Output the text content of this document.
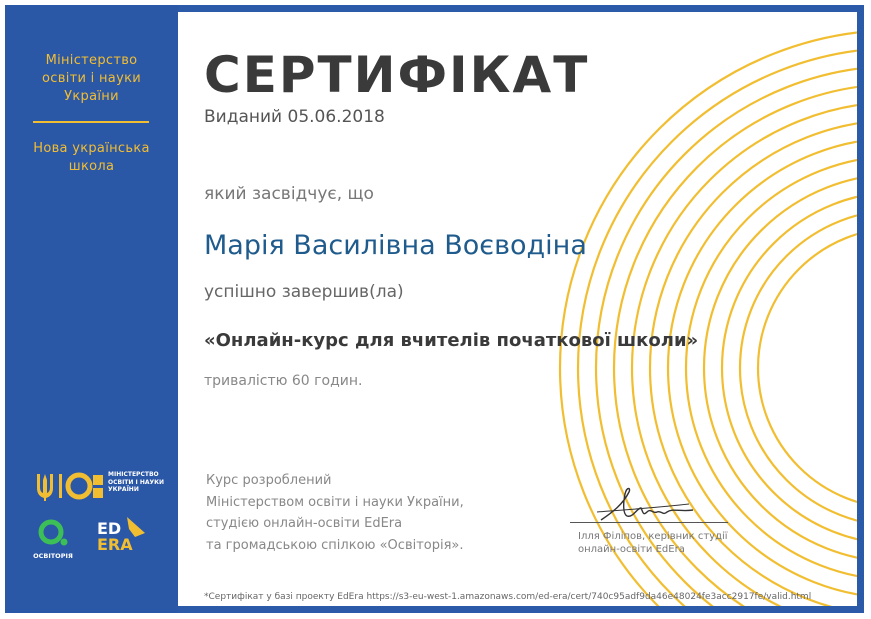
Міністерство
освіти і науки
України
Нова українська
школа
МІНІСТЕРСТВО
ОСВІТИ І НАУКИ
УКРАЇНИ
ОСВІТОРІЯ
ED
ERA
СЕРТИФІКАТ
Виданий 05.06.2018
який засвідчує, що
Марія Василівна Воєводіна
успішно завершив(ла)
«Онлайн-курс для вчителів початкової школи»
тривалістю 60 годин.
Курс розроблений
Міністерством освіти і науки України,
студією онлайн-освіти EdEra
та громадською спілкою «Освіторія».
Ілля Філіпов, керівник студії
онлайн-освіти EdEra
*Сертифікат у базі проекту EdEra https://s3-eu-west-1.amazonaws.com/ed-era/cert/740c95adf9da46e48024fe3acc2917fe/valid.html
